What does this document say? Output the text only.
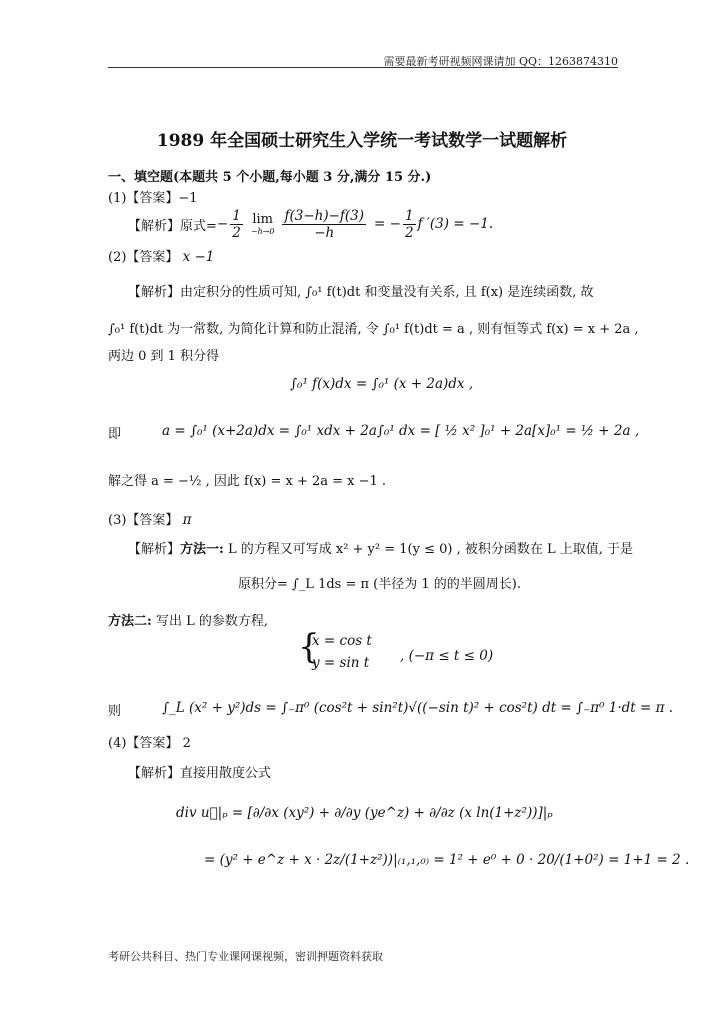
需要最新考研视频网课请加 QQ：1263874310
1989 年全国硕士研究生入学统一考试数学一试题解析
一、填空题(本题共 5 个小题,每小题 3 分,满分 15 分.)
(1)【答案】−1
【解析】原式= − $\frac{1}{2}$ lim
$-h\to 0 \frac{f(3-h)-f(3)}{-h}$ = − $\frac{1}{2}$ f ′(3) = −1.
(2)【答案】 x −1
【解析】由定积分的性质可知, ∫₀¹ f(t)dt 和变量没有关系, 且 f(x) 是连续函数, 故
∫₀¹ f(t)dt 为一常数, 为简化计算和防止混淆, 令 ∫₀¹ f(t)dt = a , 则有恒等式 f(x) = x + 2a ,
两边 0 到 1 积分得
∫₀¹ f(x)dx = ∫₀¹ (x + 2a)dx ,
即	a = ∫₀¹ (x+2a)dx = ∫₀¹ xdx + 2a∫₀¹ dx = [ ½ x² ]₀¹ + 2a[x]₀¹ = ½ + 2a ,
解之得 a = −½ , 因此 f(x) = x + 2a = x −1 .
(3)【答案】 π
【解析】方法一: L 的方程又可写成 x² + y² = 1(y ≤ 0) , 被积分函数在 L 上取值, 于是
原积分= ∫_L 1ds = π (半径为 1 的的半圆周长).
方法二: 写出 L 的参数方程,
{
x = cos t
y = sin t , (−π ≤ t ≤ 0)
则	∫_L (x² + y²)ds = ∫₋π⁰ (cos²t + sin²t)√((−sin t)² + cos²t) dt = ∫₋π⁰ 1·dt = π .
(4)【答案】 2
【解析】直接用散度公式
div u⃗|ₚ = [∂/∂x (xy²) + ∂/∂y (ye^z) + ∂/∂z (x ln(1+z²))]|ₚ
= (y² + e^z + x · 2z/(1+z²))|₍₁,₁,₀₎ = 1² + e⁰ + 0 · 20/(1+0²) = 1+1 = 2 .
考研公共科目、热门专业课网课视频，密训押题资料获取
